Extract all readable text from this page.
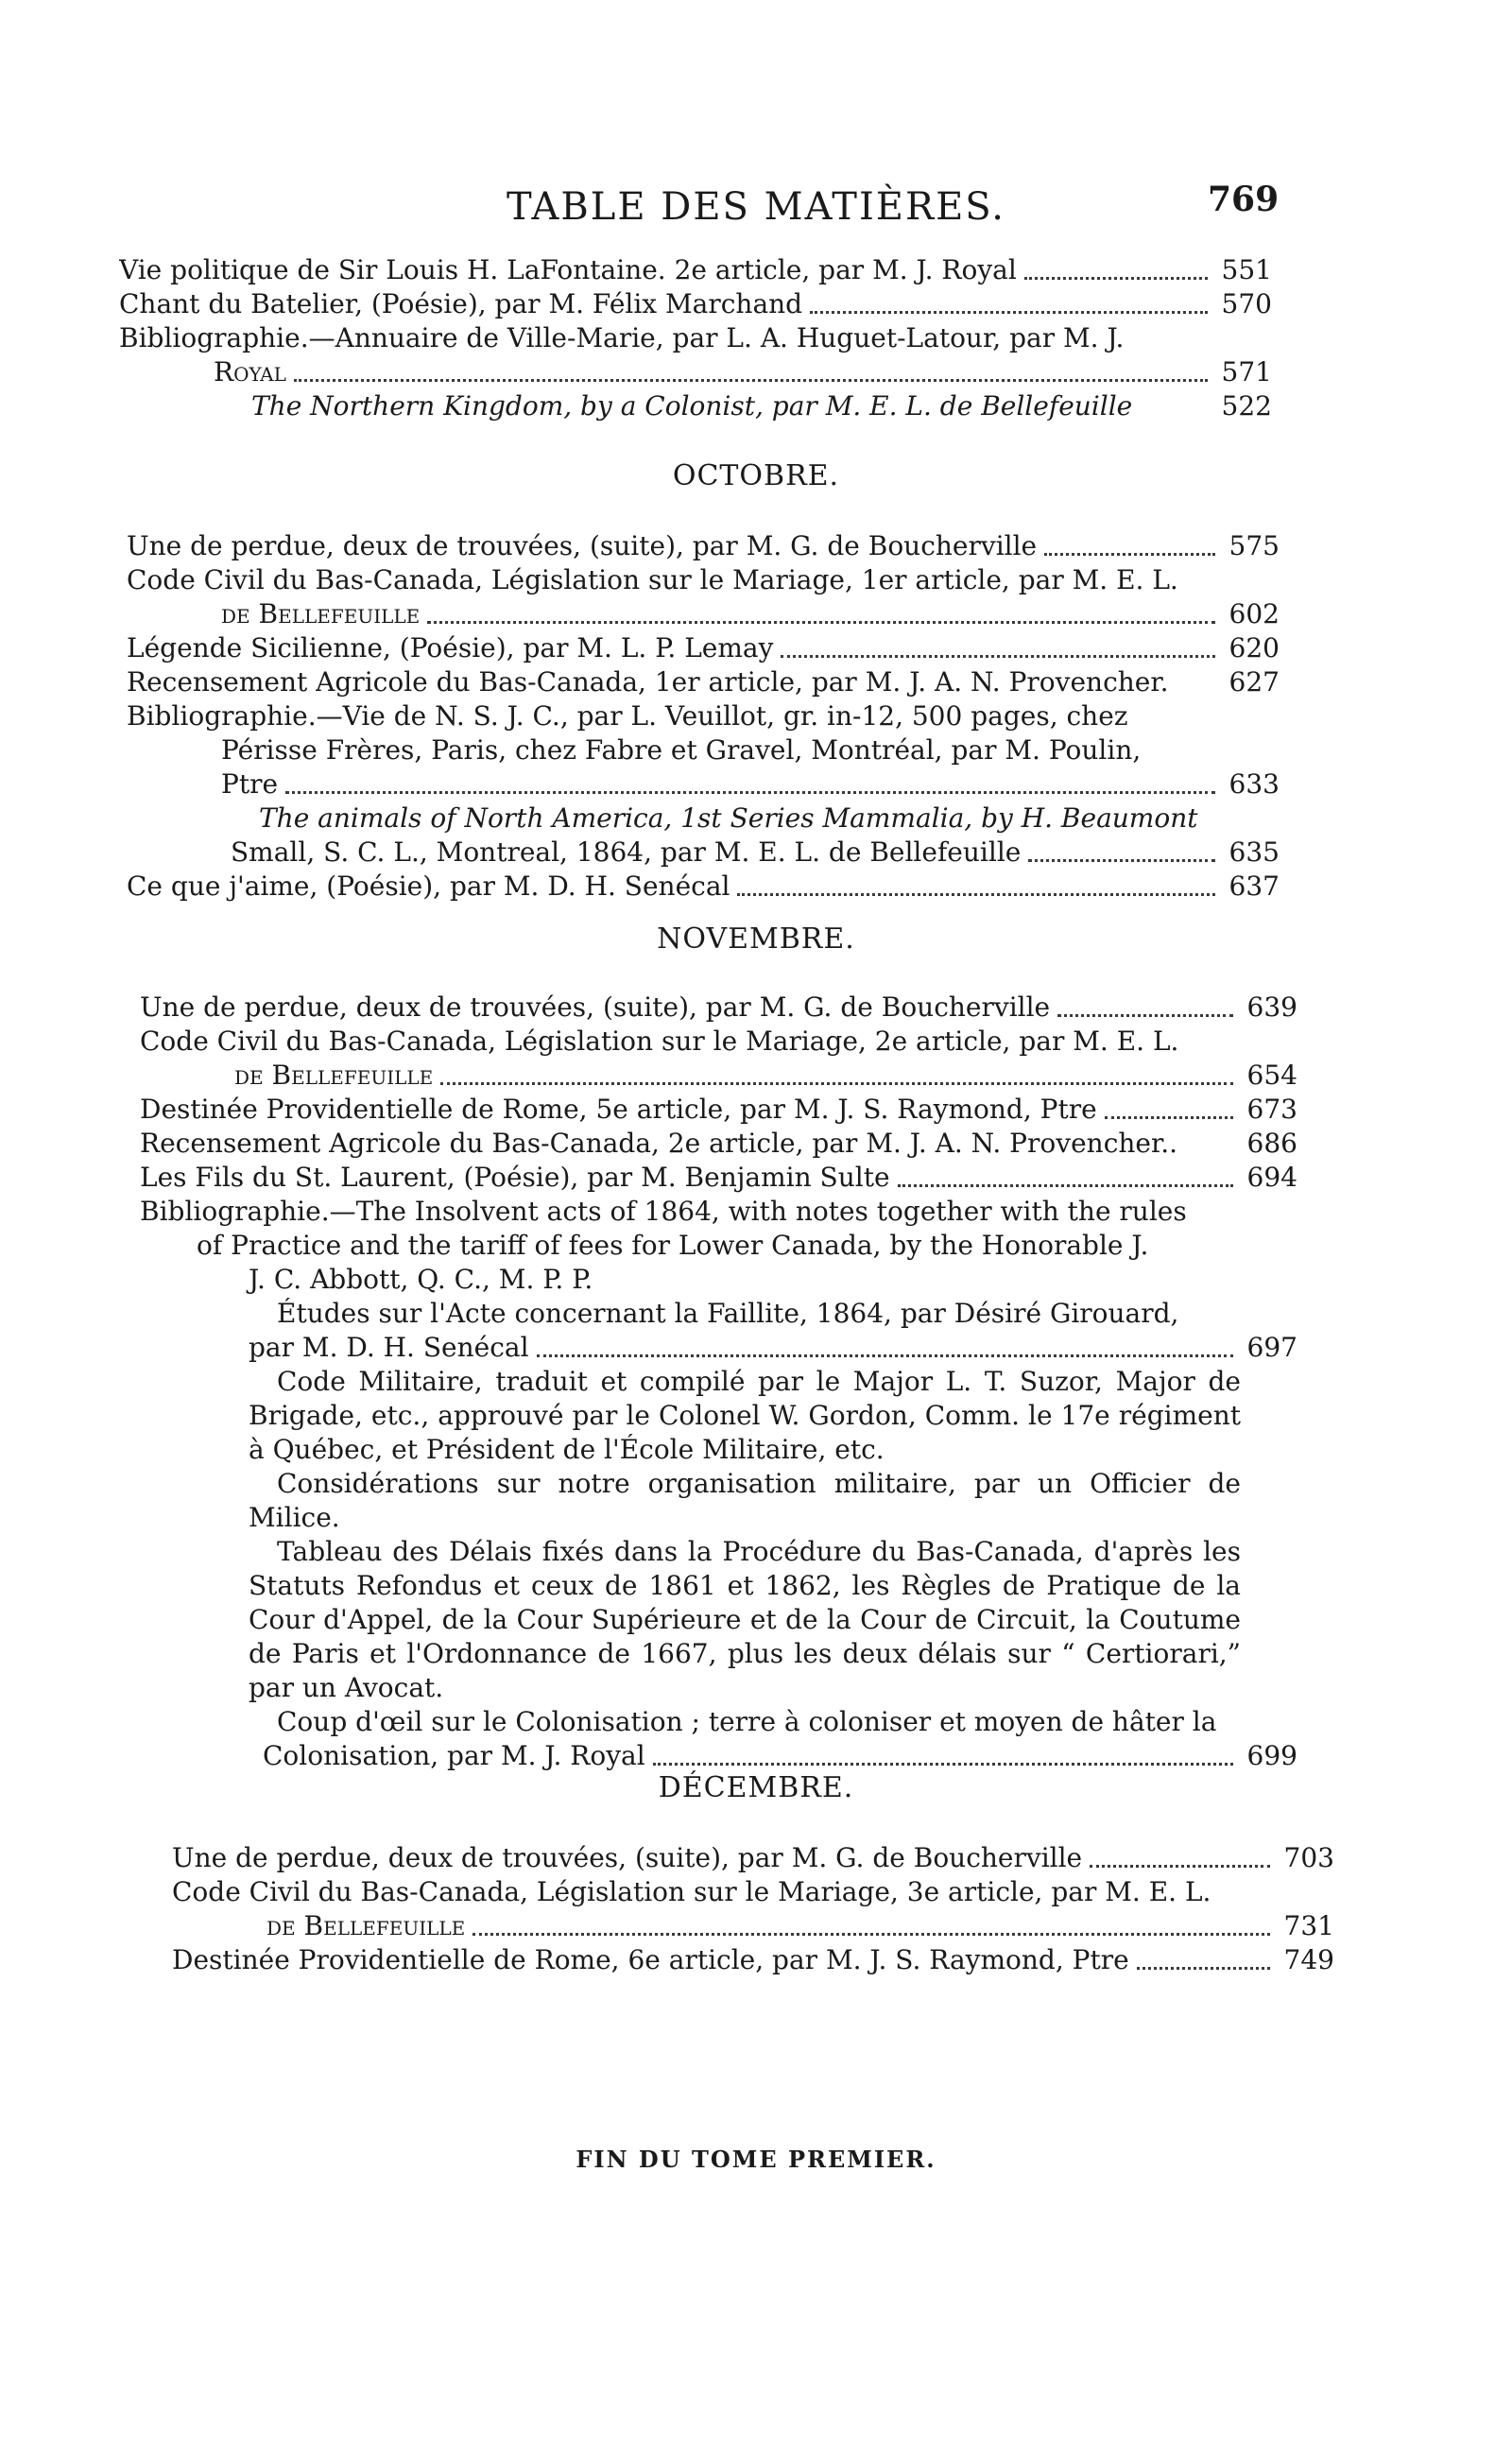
TABLE DES MATIÈRES.	769
Vie politique de Sir Louis H. LaFontaine. 2e article, par M. J. Royal	551
Chant du Batelier, (Poésie), par M. Félix Marchand	570
Bibliographie.—Annuaire de Ville-Marie, par L. A. Huguet-Latour, par M. J.
Royal	571
The Northern Kingdom, by a Colonist, par M. E. L. de Bellefeuille	522
OCTOBRE.
Une de perdue, deux de trouvées, (suite), par M. G. de Boucherville	575
Code Civil du Bas-Canada, Législation sur le Mariage, 1er article, par M. E. L.
de Bellefeuille	602
Légende Sicilienne, (Poésie), par M. L. P. Lemay	620
Recensement Agricole du Bas-Canada, 1er article, par M. J. A. N. Provencher. 627
Bibliographie.—Vie de N. S. J. C., par L. Veuillot, gr. in-12, 500 pages, chez
Périsse Frères, Paris, chez Fabre et Gravel, Montréal, par M. Poulin,
Ptre	633
The animals of North America, 1st Series Mammalia, by H. Beaumont
Small, S. C. L., Montreal, 1864, par M. E. L. de Bellefeuille	635
Ce que j'aime, (Poésie), par M. D. H. Senécal	637
NOVEMBRE.
Une de perdue, deux de trouvées, (suite), par M. G. de Boucherville	639
Code Civil du Bas-Canada, Législation sur le Mariage, 2e article, par M. E. L.
de Bellefeuille	654
Destinée Providentielle de Rome, 5e article, par M. J. S. Raymond, Ptre	673
Recensement Agricole du Bas-Canada, 2e article, par M. J. A. N. Provencher..	686
Les Fils du St. Laurent, (Poésie), par M. Benjamin Sulte	694
Bibliographie.—The Insolvent acts of 1864, with notes together with the rules
of Practice and the tariff of fees for Lower Canada, by the Honorable J.
J. C. Abbott, Q. C., M. P. P.
Études sur l'Acte concernant la Faillite, 1864, par Désiré Girouard,
par M. D. H. Senécal	697
Code Militaire, traduit et compilé par le Major L. T. Suzor, Major de Brigade, etc., approuvé par le Colonel W. Gordon, Comm. le 17e régiment à Québec, et Président de l'École Militaire, etc.
Considérations sur notre organisation militaire, par un Officier de Milice.
Tableau des Délais fixés dans la Procédure du Bas-Canada, d'après les Statuts Refondus et ceux de 1861 et 1862, les Règles de Pratique de la Cour d'Appel, de la Cour Supérieure et de la Cour de Circuit, la Coutume de Paris et l'Ordonnance de 1667, plus les deux délais sur “ Certiorari,” par un Avocat.
Coup d'œil sur le Colonisation ; terre à coloniser et moyen de hâter la
Colonisation, par M. J. Royal	699
DÉCEMBRE.
Une de perdue, deux de trouvées, (suite), par M. G. de Boucherville	703
Code Civil du Bas-Canada, Législation sur le Mariage, 3e article, par M. E. L.
de Bellefeuille	731
Destinée Providentielle de Rome, 6e article, par M. J. S. Raymond, Ptre	749
FIN DU TOME PREMIER.
